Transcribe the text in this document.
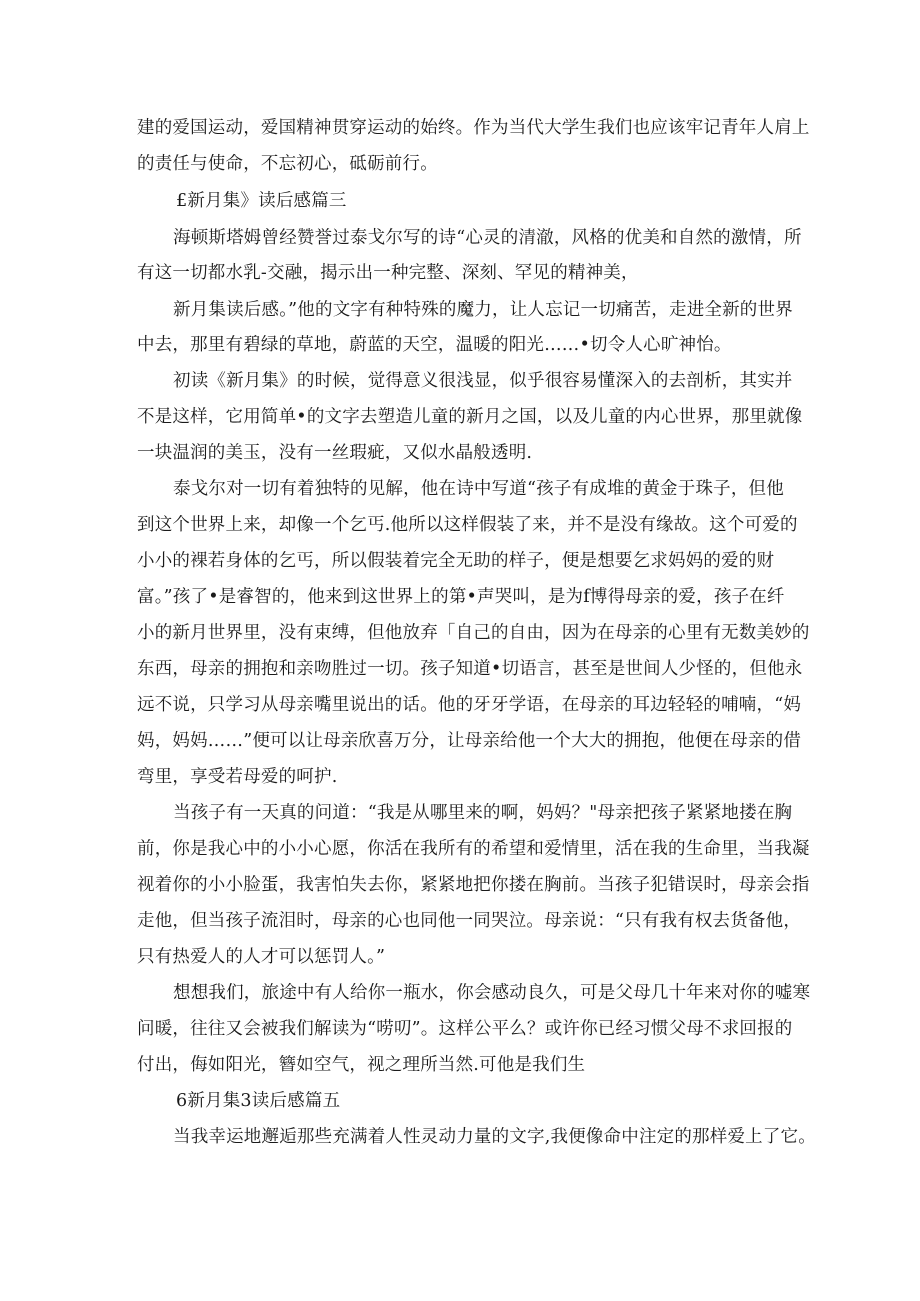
建的爱国运动，爱国精神贯穿运动的始终。作为当代大学生我们也应该牢记青年人肩上
的责任与使命，不忘初心，砥砺前行。
£新月集》读后感篇三
海顿斯塔姆曾经赞誉过泰戈尔写的诗“心灵的清澈，风格的优美和自然的激情，所
有这一切都水乳-交融，揭示出一种完整、深刻、罕见的精神美，
新月集读后感。”他的文字有种特殊的魔力，让人忘记一切痛苦，走进全新的世界
中去，那里有碧绿的草地，蔚蓝的天空，温暖的阳光……•切令人心旷神怡。
初读《新月集》的时候，觉得意义很浅显，似乎很容易懂深入的去剖析，其实并
不是这样，它用简单•的文字去塑造儿童的新月之国，以及儿童的内心世界，那里就像
一块温润的美玉，没有一丝瑕疵，又似水晶般透明.
泰戈尔对一切有着独特的见解，他在诗中写道“孩子有成堆的黄金于珠子，但他
到这个世界上来，却像一个乞丐.他所以这样假装了来，并不是没有缘故。这个可爱的
小小的裸若身体的乞丐，所以假装着完全无助的样子，便是想要乞求妈妈的爱的财
富。”孩了•是睿智的，他来到这世界上的第•声哭叫，是为f博得母亲的爱，孩子在纤
小的新月世界里，没有束缚，但他放弃「自己的自由，因为在母亲的心里有无数美妙的
东西，母亲的拥抱和亲吻胜过一切。孩子知道•切语言，甚至是世间人少怪的，但他永
远不说，只学习从母亲嘴里说出的话。他的牙牙学语，在母亲的耳边轻轻的哺喃，“妈
妈，妈妈……”便可以让母亲欣喜万分，让母亲给他一个大大的拥抱，他便在母亲的借
弯里，享受若母爱的呵护.
当孩子有一天真的问道：“我是从哪里来的啊，妈妈？"母亲把孩子紧紧地搂在胸
前，你是我心中的小小心愿，你活在我所有的希望和爱情里，活在我的生命里，当我凝
视着你的小小脸蛋，我害怕失去你，紧紧地把你搂在胸前。当孩子犯错误时，母亲会指
走他，但当孩子流泪时，母亲的心也同他一同哭泣。母亲说：“只有我有权去货备他，
只有热爱人的人才可以惩罚人。”
想想我们，旅途中有人给你一瓶水，你会感动良久，可是父母几十年来对你的嘘寒
问暖，往往又会被我们解读为“唠叨”。这样公平么？或许你已经习惯父母不求回报的
付出，侮如阳光，簪如空气，视之理所当然.可他是我们生
6新月集3读后感篇五
当我幸运地邂逅那些充满着人性灵动力量的文字,我便像命中注定的那样爱上了它。
